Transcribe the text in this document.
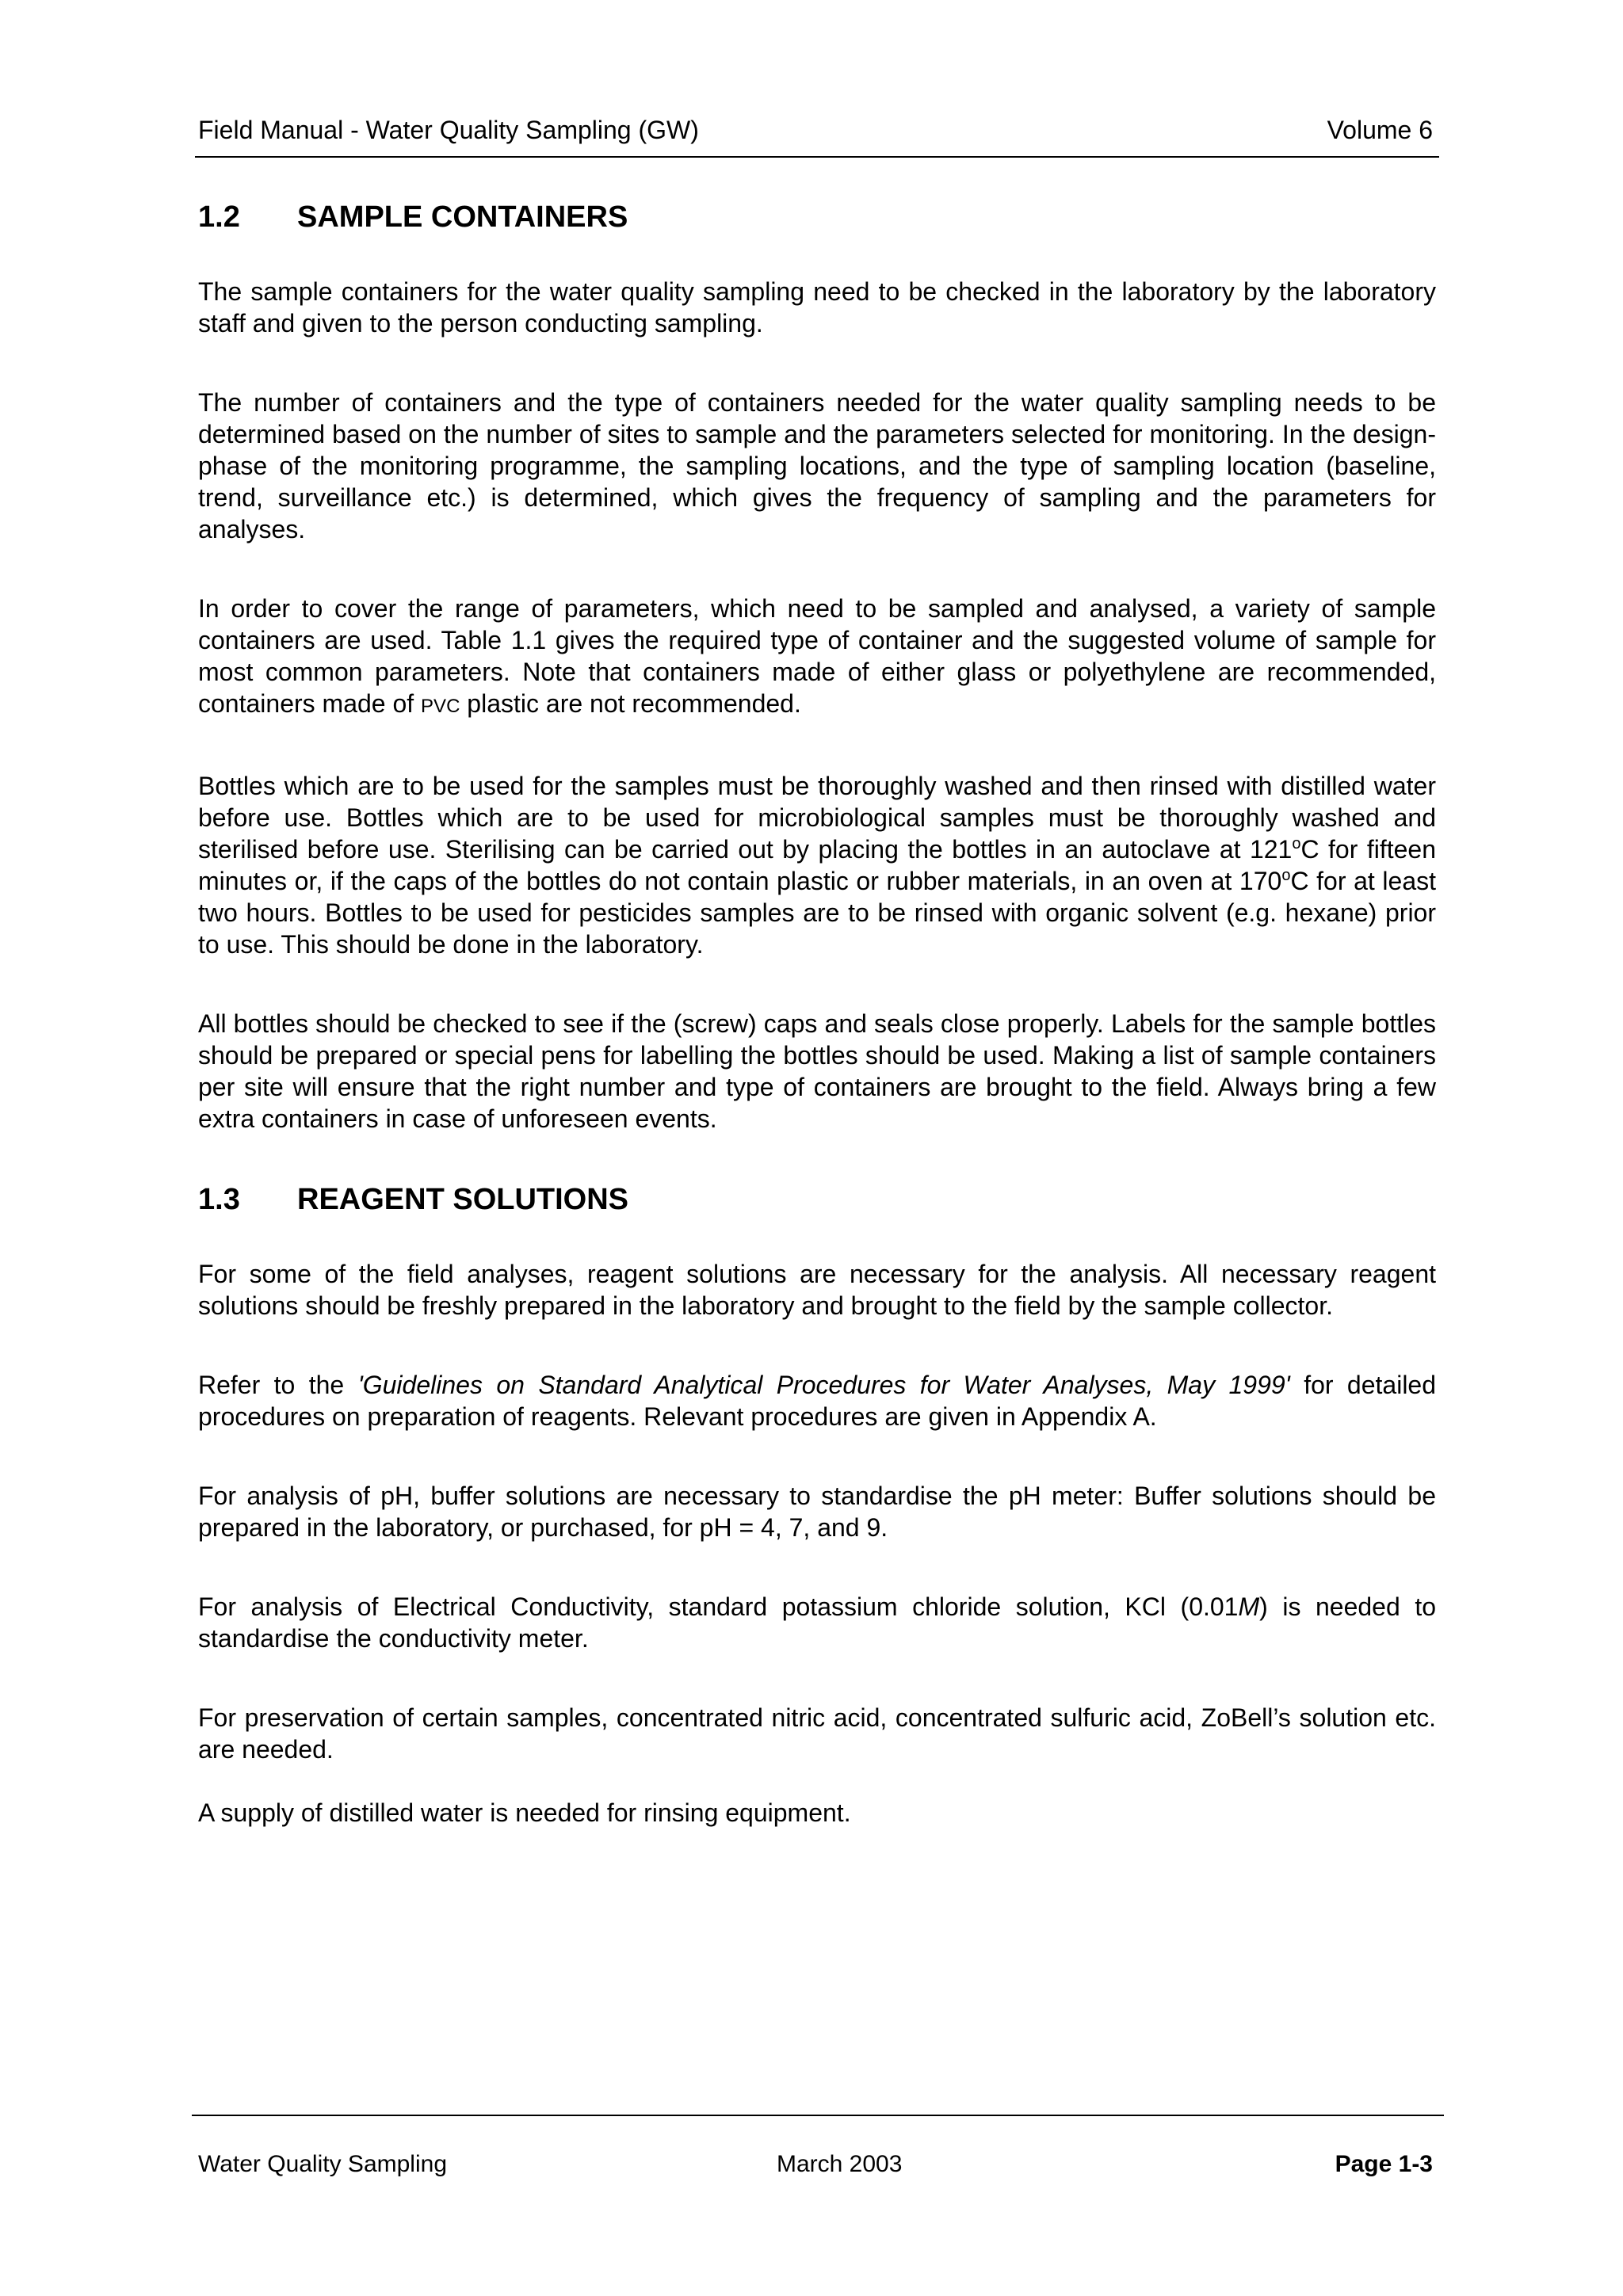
Field Manual - Water Quality Sampling (GW)	Volume 6
1.2 SAMPLE CONTAINERS

The sample containers for the water quality sampling need to be checked in the laboratory by the laboratory staff and given to the person conducting sampling.

The number of containers and the type of containers needed for the water quality sampling needs to be determined based on the number of sites to sample and the parameters selected for monitoring. In the design-phase of the monitoring programme, the sampling locations, and the type of sampling location (baseline, trend, surveillance etc.) is determined, which gives the frequency of sampling and the parameters for analyses.

In order to cover the range of parameters, which need to be sampled and analysed, a variety of sample containers are used. Table 1.1 gives the required type of container and the suggested volume of sample for most common parameters. Note that containers made of either glass or polyethylene are recommended, containers made of PVC plastic are not recommended.

Bottles which are to be used for the samples must be thoroughly washed and then rinsed with distilled water before use. Bottles which are to be used for microbiological samples must be thoroughly washed and sterilised before use. Sterilising can be carried out by placing the bottles in an autoclave at 121$^o$C for fifteen minutes or, if the caps of the bottles do not contain plastic or rubber materials, in an oven at 170$^o$C for at least two hours. Bottles to be used for pesticides samples are to be rinsed with organic solvent (e.g. hexane) prior to use. This should be done in the laboratory.

All bottles should be checked to see if the (screw) caps and seals close properly. Labels for the sample bottles should be prepared or special pens for labelling the bottles should be used. Making a list of sample containers per site will ensure that the right number and type of containers are brought to the field. Always bring a few extra containers in case of unforeseen events.

1.3 REAGENT SOLUTIONS

For some of the field analyses, reagent solutions are necessary for the analysis. All necessary reagent solutions should be freshly prepared in the laboratory and brought to the field by the sample collector.

Refer to the 'Guidelines on Standard Analytical Procedures for Water Analyses, May 1999' for detailed procedures on preparation of reagents. Relevant procedures are given in Appendix A.

For analysis of pH, buffer solutions are necessary to standardise the pH meter: Buffer solutions should be prepared in the laboratory, or purchased, for pH = 4, 7, and 9.

For analysis of Electrical Conductivity, standard potassium chloride solution, KCl (0.01M) is needed to standardise the conductivity meter.

For preservation of certain samples, concentrated nitric acid, concentrated sulfuric acid, ZoBell’s solution etc. are needed.

A supply of distilled water is needed for rinsing equipment.

Water Quality Sampling	March 2003	Page 1-3
